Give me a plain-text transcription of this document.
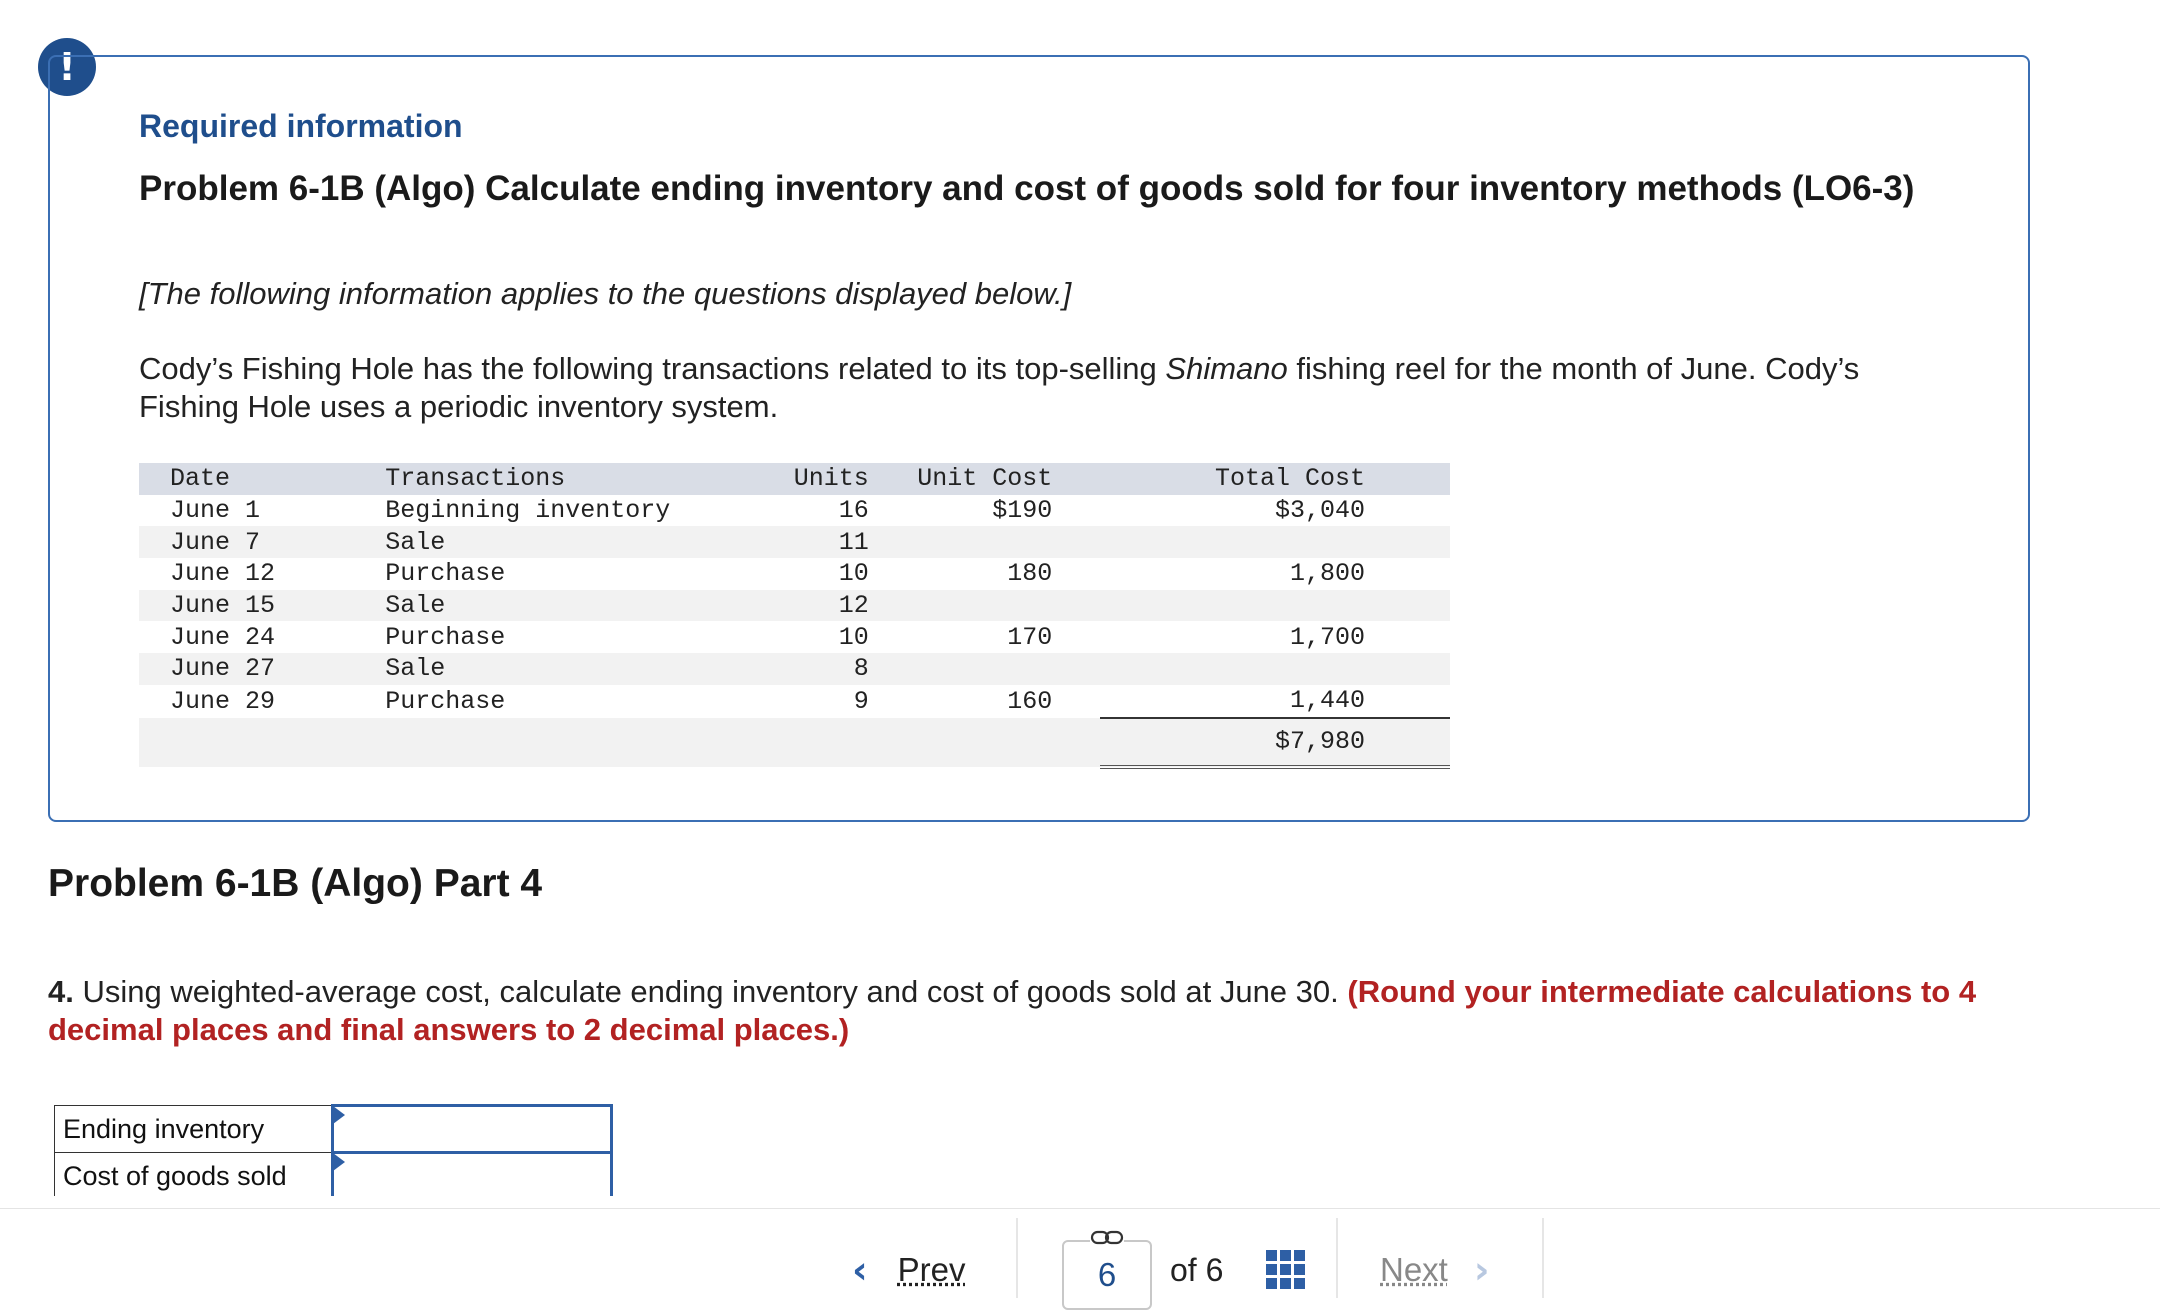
!
Required information
Problem 6-1B (Algo) Calculate ending inventory and cost of goods sold for four inventory methods (LO6-3)
[The following information applies to the questions displayed below.]
Cody’s Fishing Hole has the following transactions related to its top-selling Shimano fishing reel for the month of June. Cody’s Fishing Hole uses a periodic inventory system.
Date	Transactions	Units	Unit Cost	Total Cost
June 1	Beginning inventory	16	$190	$3,040
June 7	Sale	11		
June 12	Purchase	10	180	1,800
June 15	Sale	12		
June 24	Purchase	10	170	1,700
June 27	Sale	8		
June 29	Purchase	9	160	1,440
				$7,980
Problem 6-1B (Algo) Part 4
4. Using weighted-average cost, calculate ending inventory and cost of goods sold at June 30. (Round your intermediate calculations to 4 decimal places and final answers to 2 decimal places.)
Ending inventory	

Cost of goods sold	
‹ Prev	6	of 6	Next ›
